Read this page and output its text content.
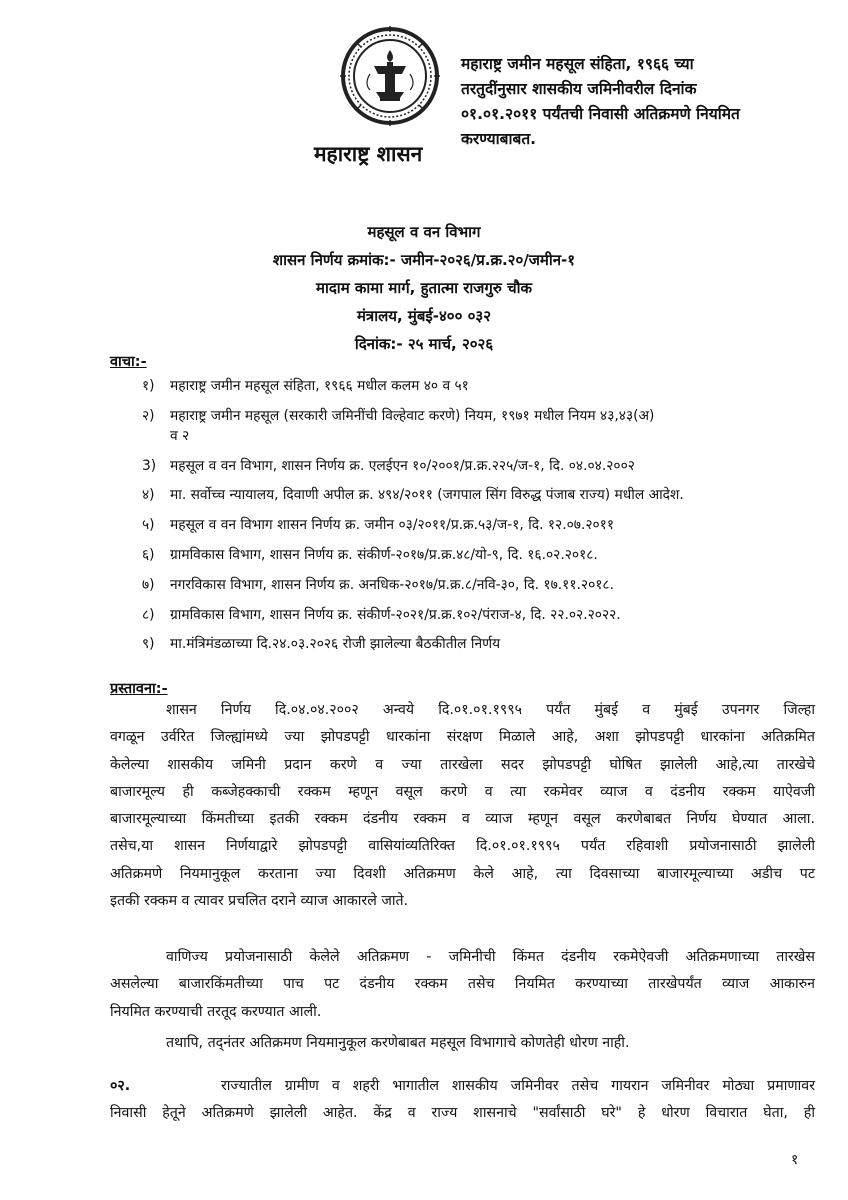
महाराष्ट्र शासन
महाराष्ट्र जमीन महसूल संहिता, १९६६ च्या
तरतुदींनुसार शासकीय जमिनीवरील दिनांक
०१.०१.२०११ पर्यंतची निवासी अतिक्रमणे नियमित
करण्याबाबत.
महसूल व वन विभाग
शासन निर्णय क्रमांक:- जमीन-२०२६/प्र.क्र.२०/जमीन-१
मादाम कामा मार्ग, हुतात्मा राजगुरु चौक
मंत्रालय, मुंबई-४०० ०३२
दिनांक:- २५ मार्च, २०२६
वाचा:-
१) महाराष्ट्र जमीन महसूल संहिता, १९६६ मधील कलम ४० व ५१
२) महाराष्ट्र जमीन महसूल (सरकारी जमिनींची विल्हेवाट करणे) नियम, १९७१ मधील नियम ४३,४३(अ)
व २
3) महसूल व वन विभाग, शासन निर्णय क्र. एलईएन १०/२००१/प्र.क्र.२२५/ज-१, दि. ०४.०४.२००२
४) मा. सर्वोच्च न्यायालय, दिवाणी अपील क्र. ४९४/२०११ (जगपाल सिंग विरुद्ध पंजाब राज्य) मधील आदेश.
५) महसूल व वन विभाग शासन निर्णय क्र. जमीन ०३/२०११/प्र.क्र.५३/ज-१, दि. १२.०७.२०११
६) ग्रामविकास विभाग, शासन निर्णय क्र. संकीर्ण-२०१७/प्र.क्र.४८/यो-९, दि. १६.०२.२०१८.
७) नगरविकास विभाग, शासन निर्णय क्र. अनधिक-२०१७/प्र.क्र.८/नवि-३०, दि. १७.११.२०१८.
८) ग्रामविकास विभाग, शासन निर्णय क्र. संकीर्ण-२०२१/प्र.क्र.१०२/पंराज-४, दि. २२.०२.२०२२.
९) मा.मंत्रिमंडळाच्या दि.२४.०३.२०२६ रोजी झालेल्या बैठकीतील निर्णय
प्रस्तावना:-
शासन निर्णय दि.०४.०४.२००२ अन्वये दि.०१.०१.१९९५ पर्यंत मुंबई व मुंबई उपनगर जिल्हा
वगळून उर्वरित जिल्ह्यांमध्ये ज्या झोपडपट्टी धारकांना संरक्षण मिळाले आहे, अशा झोपडपट्टी धारकांना अतिक्रमित
केलेल्या शासकीय जमिनी प्रदान करणे व ज्या तारखेला सदर झोपडपट्टी घोषित झालेली आहे,त्या तारखेचे
बाजारमूल्य ही कब्जेहक्काची रक्कम म्हणून वसूल करणे व त्या रकमेवर व्याज व दंडनीय रक्कम याऐवजी
बाजारमूल्याच्या किंमतीच्या इतकी रक्कम दंडनीय रक्कम व व्याज म्हणून वसूल करणेबाबत निर्णय घेण्यात आला.
तसेच,या शासन निर्णयाद्वारे झोपडपट्टी वासियांव्यतिरिक्त दि.०१.०१.१९९५ पर्यंत रहिवाशी प्रयोजनासाठी झालेली
अतिक्रमणे नियमानुकूल करताना ज्या दिवशी अतिक्रमण केले आहे, त्या दिवसाच्या बाजारमूल्याच्या अडीच पट
इतकी रक्कम व त्यावर प्रचलित दराने व्याज आकारले जाते.
वाणिज्य प्रयोजनासाठी केलेले अतिक्रमण - जमिनीची किंमत दंडनीय रकमेऐवजी अतिक्रमणाच्या तारखेस
असलेल्या बाजारकिंमतीच्या पाच पट दंडनीय रक्कम तसेच नियमित करण्याच्या तारखेपर्यंत व्याज आकारुन
नियमित करण्याची तरतूद करण्यात आली.
तथापि, तद्नंतर अतिक्रमण नियमानुकूल करणेबाबत महसूल विभागाचे कोणतेही धोरण नाही.
०२.	राज्यातील ग्रामीण व शहरी भागातील शासकीय जमिनीवर तसेच गायरान जमिनीवर मोठ्या प्रमाणावर
निवासी हेतूने अतिक्रमणे झालेली आहेत. केंद्र व राज्य शासनाचे "सर्वांसाठी घरे" हे धोरण विचारात घेता, ही
१
